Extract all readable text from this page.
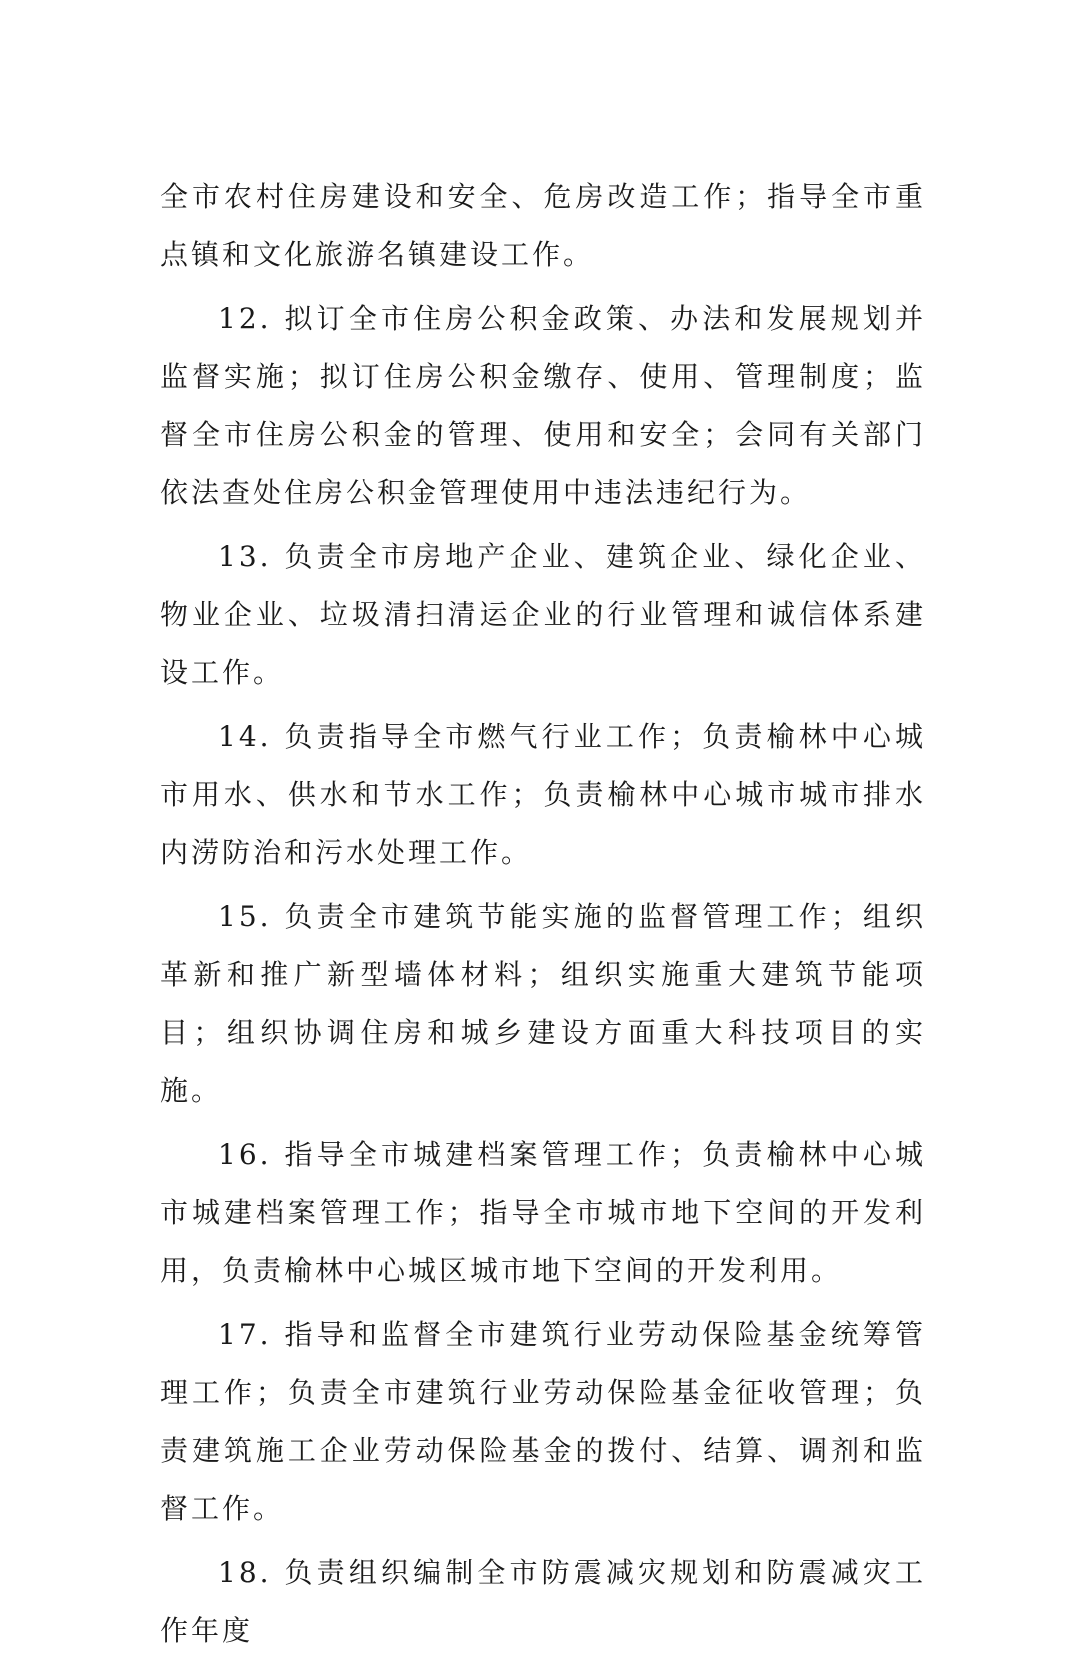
全市农村住房建设和安全、危房改造工作；指导全市重点镇和文化旅游名镇建设工作。

12. 拟订全市住房公积金政策、办法和发展规划并监督实施；拟订住房公积金缴存、使用、管理制度；监督全市住房公积金的管理、使用和安全；会同有关部门依法查处住房公积金管理使用中违法违纪行为。

13. 负责全市房地产企业、建筑企业、绿化企业、物业企业、垃圾清扫清运企业的行业管理和诚信体系建设工作。

14. 负责指导全市燃气行业工作；负责榆林中心城市用水、供水和节水工作；负责榆林中心城市城市排水内涝防治和污水处理工作。

15. 负责全市建筑节能实施的监督管理工作；组织革新和推广新型墙体材料；组织实施重大建筑节能项目；组织协调住房和城乡建设方面重大科技项目的实施。

16. 指导全市城建档案管理工作；负责榆林中心城市城建档案管理工作；指导全市城市地下空间的开发利用，负责榆林中心城区城市地下空间的开发利用。

17. 指导和监督全市建筑行业劳动保险基金统筹管理工作；负责全市建筑行业劳动保险基金征收管理；负责建筑施工企业劳动保险基金的拨付、结算、调剂和监督工作。

18. 负责组织编制全市防震减灾规划和防震减灾工作年度
